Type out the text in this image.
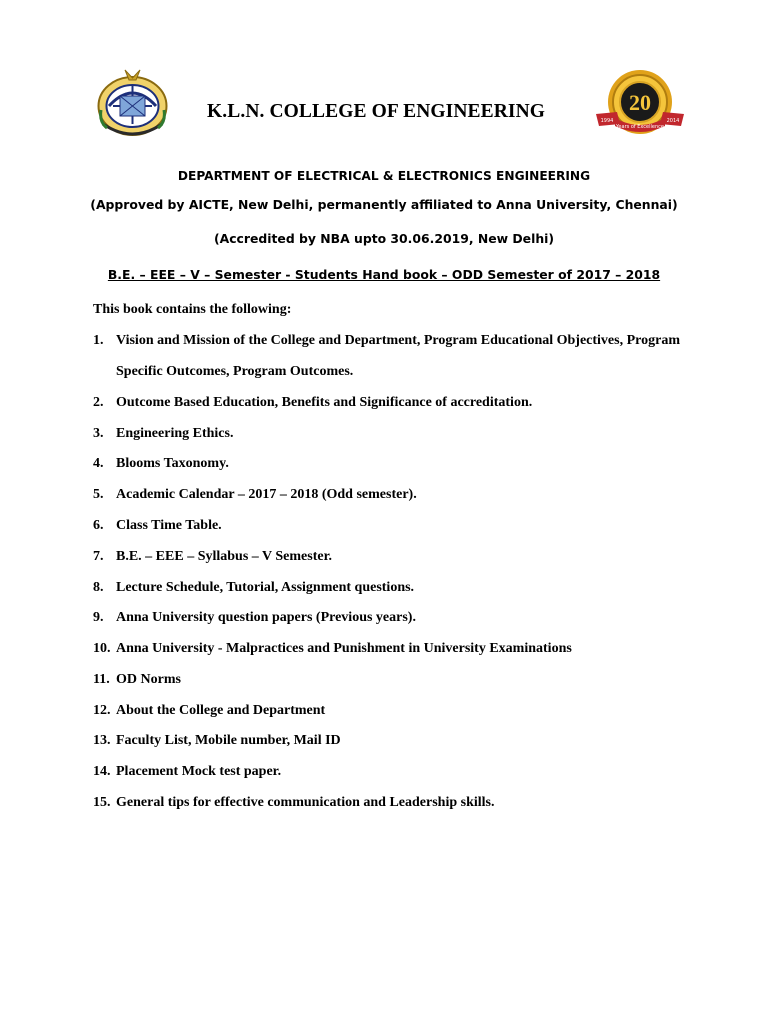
K.L.N. COLLEGE OF ENGINEERING	20
Years of Excellence
1994	2014
DEPARTMENT OF ELECTRICAL & ELECTRONICS ENGINEERING
(Approved by AICTE, New Delhi, permanently affiliated to Anna University, Chennai)
(Accredited by NBA upto 30.06.2019, New Delhi)
B.E. – EEE – V – Semester - Students Hand book – ODD Semester of 2017 – 2018
This book contains the following:
1. Vision and Mission of the College and Department, Program Educational Objectives, Program
Specific Outcomes, Program Outcomes.
2. Outcome Based Education, Benefits and Significance of accreditation.
3. Engineering Ethics.
4. Blooms Taxonomy.
5. Academic Calendar – 2017 – 2018 (Odd semester).
6. Class Time Table.
7. B.E. – EEE – Syllabus – V Semester.
8. Lecture Schedule, Tutorial, Assignment questions.
9. Anna University question papers (Previous years).
10. Anna University - Malpractices and Punishment in University Examinations
11. OD Norms
12. About the College and Department
13. Faculty List, Mobile number, Mail ID
14. Placement Mock test paper.
15. General tips for effective communication and Leadership skills.
